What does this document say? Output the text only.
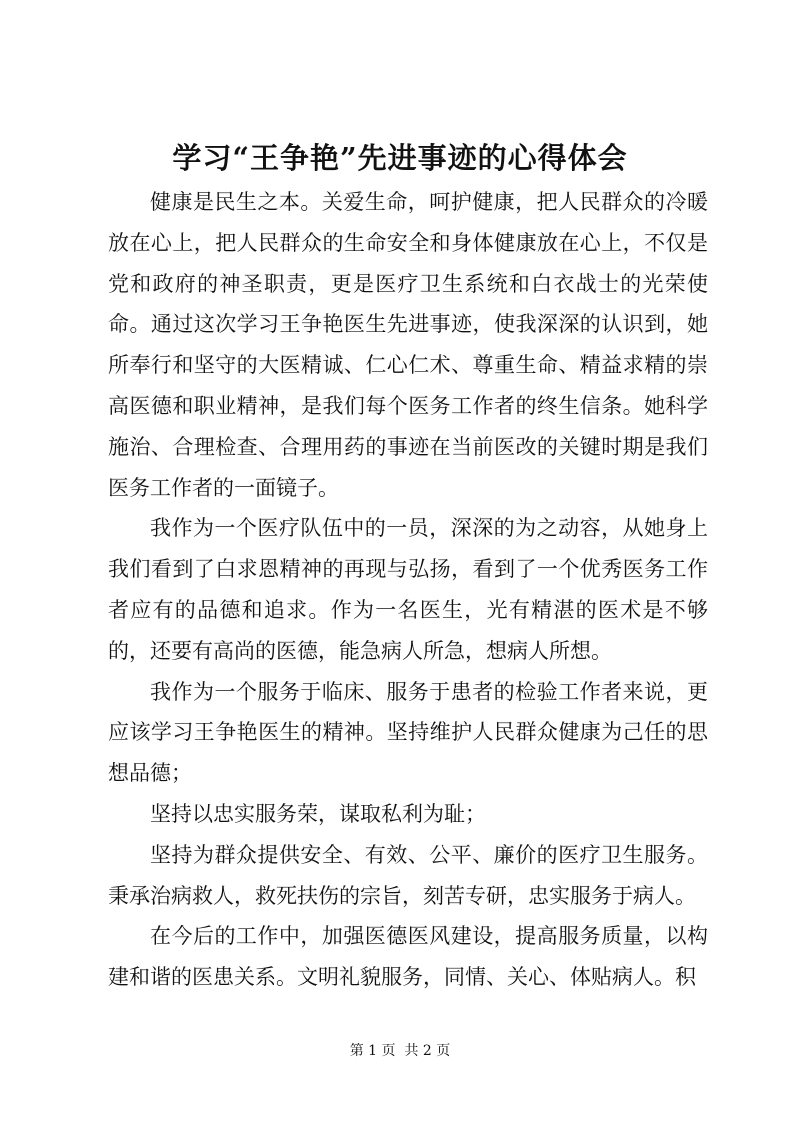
学习“王争艳”先进事迹的心得体会

健康是民生之本。关爱生命，呵护健康，把人民群众的冷暖放在心上，把人民群众的生命安全和身体健康放在心上，不仅是党和政府的神圣职责，更是医疗卫生系统和白衣战士的光荣使命。通过这次学习王争艳医生先进事迹，使我深深的认识到，她所奉行和坚守的大医精诚、仁心仁术、尊重生命、精益求精的崇高医德和职业精神，是我们每个医务工作者的终生信条。她科学施治、合理检查、合理用药的事迹在当前医改的关键时期是我们医务工作者的一面镜子。

我作为一个医疗队伍中的一员，深深的为之动容，从她身上我们看到了白求恩精神的再现与弘扬，看到了一个优秀医务工作者应有的品德和追求。作为一名医生，光有精湛的医术是不够的，还要有高尚的医德，能急病人所急，想病人所想。

我作为一个服务于临床、服务于患者的检验工作者来说，更应该学习王争艳医生的精神。坚持维护人民群众健康为己任的思想品德；

坚持以忠实服务荣，谋取私利为耻；

坚持为群众提供安全、有效、公平、廉价的医疗卫生服务。秉承治病救人，救死扶伤的宗旨，刻苦专研，忠实服务于病人。

在今后的工作中，加强医德医风建设，提高服务质量，以构建和谐的医患关系。文明礼貌服务，同情、关心、体贴病人。积

第 1 页  共 2 页
